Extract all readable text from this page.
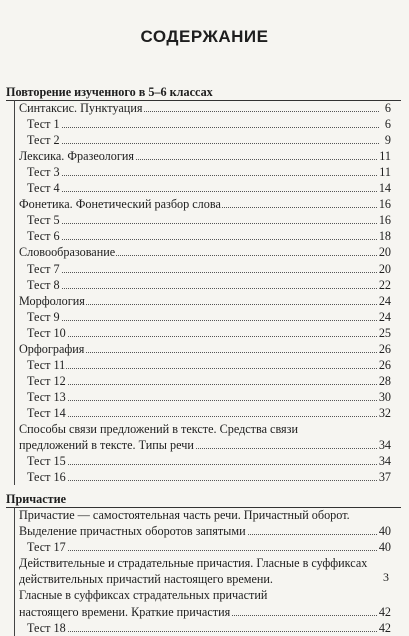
СОДЕРЖАНИЕ
Повторение изученного в 5–6 классах
Синтаксис. Пунктуация	6
Тест 1	6
Тест 2	9
Лексика. Фразеология	11
Тест 3	11
Тест 4	14
Фонетика. Фонетический разбор слова	16
Тест 5	16
Тест 6	18
Словообразование	20
Тест 7	20
Тест 8	22
Морфология	24
Тест 9	24
Тест 10	25
Орфография	26
Тест 11	26
Тест 12	28
Тест 13	30
Тест 14	32
Способы связи предложений в тексте. Средства связи
предложений в тексте. Типы речи	34
Тест 15	34
Тест 16	37
Причастие
Причастие — самостоятельная часть речи. Причастный оборот.
Выделение причастных оборотов запятыми	40
Тест 17	40
Действительные и страдательные причастия. Гласные в суффиксах
действительных причастий настоящего времени.
Гласные в суффиксах страдательных причастий
настоящего времени. Краткие причастия	42
Тест 18	42
3
